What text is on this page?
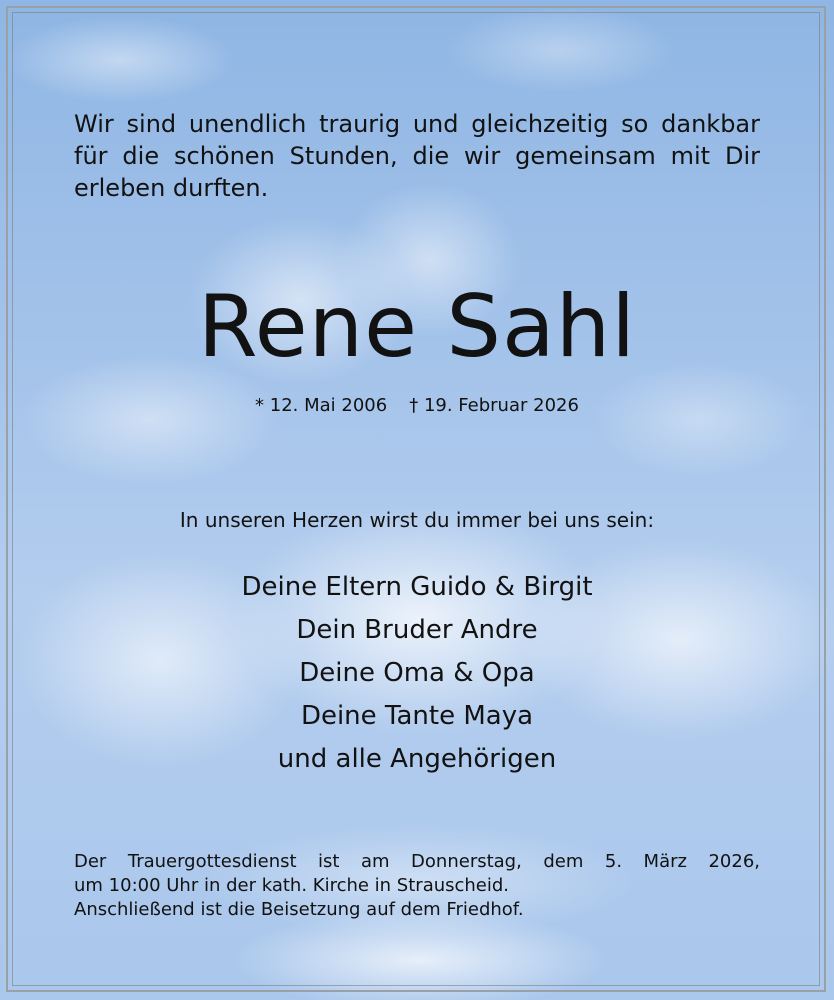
Wir sind unendlich traurig und gleichzeitig so dankbar für die schönen Stunden, die wir gemeinsam mit Dir erleben durften.
Rene Sahl
* 12. Mai 2006 † 19. Februar 2026
In unseren Herzen wirst du immer bei uns sein:
Deine Eltern Guido & Birgit
Dein Bruder Andre
Deine Oma & Opa
Deine Tante Maya
und alle Angehörigen
Der Trauergottesdienst ist am Donnerstag, dem 5. März 2026,
um 10:00 Uhr in der kath. Kirche in Strauscheid.
Anschließend ist die Beisetzung auf dem Friedhof.
